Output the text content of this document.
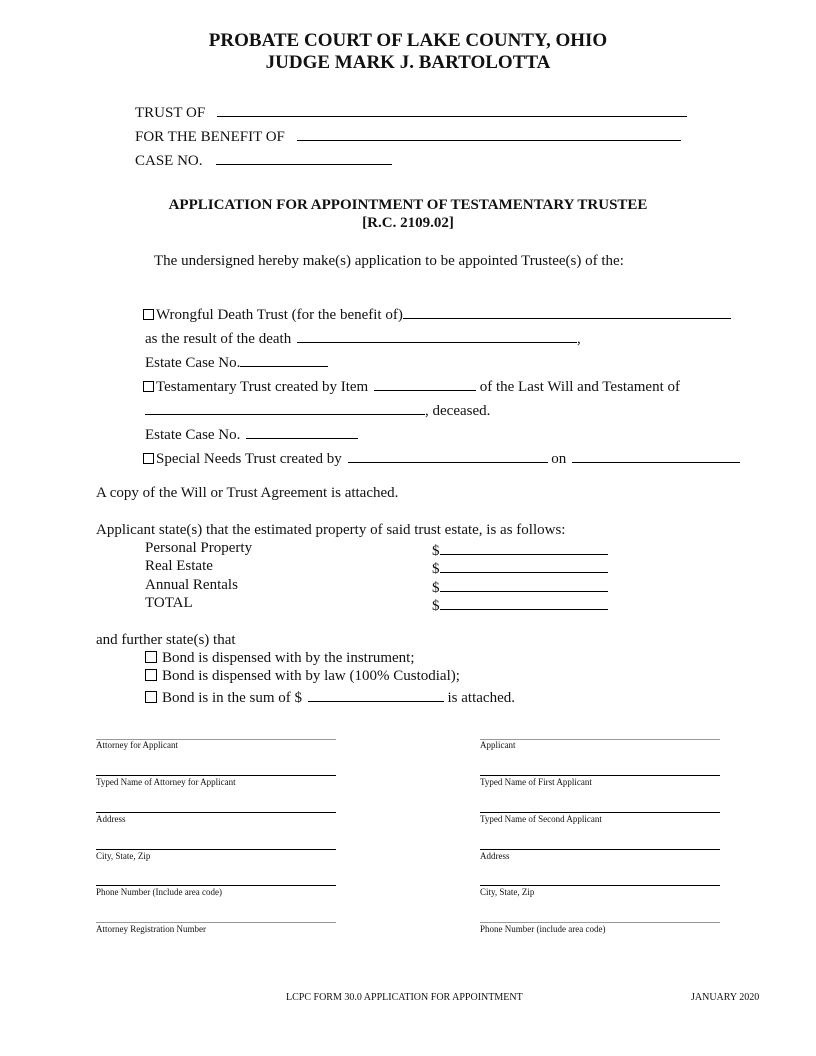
PROBATE COURT OF LAKE COUNTY, OHIO
JUDGE MARK J. BARTOLOTTA
TRUST OF
FOR THE BENEFIT OF
CASE NO.
APPLICATION FOR APPOINTMENT OF TESTAMENTARY TRUSTEE
[R.C. 2109.02]
The undersigned hereby make(s) application to be appointed Trustee(s) of the:
Wrongful Death Trust (for the benefit of)
as the result of the death	,
Estate Case No.
Testamentary Trust created by Item	of the Last Will and Testament of
, deceased.
Estate Case No.
Special Needs Trust created by	on
A copy of the Will or Trust Agreement is attached.
Applicant state(s) that the estimated property of said trust estate, is as follows:
Personal Property	$
Real Estate	$
Annual Rentals	$
TOTAL	$
and further state(s) that
Bond is dispensed with by the instrument;
Bond is dispensed with by law (100% Custodial);
Bond is in the sum of $	is attached.
Attorney for Applicant
Typed Name of Attorney for Applicant
Address
City, State, Zip
Phone Number (Include area code)
Attorney Registration Number
Applicant
Typed Name of First Applicant
Typed Name of Second Applicant
Address
City, State, Zip
Phone Number (include area code)
LCPC FORM 30.0 APPLICATION FOR APPOINTMENT	JANUARY 2020
